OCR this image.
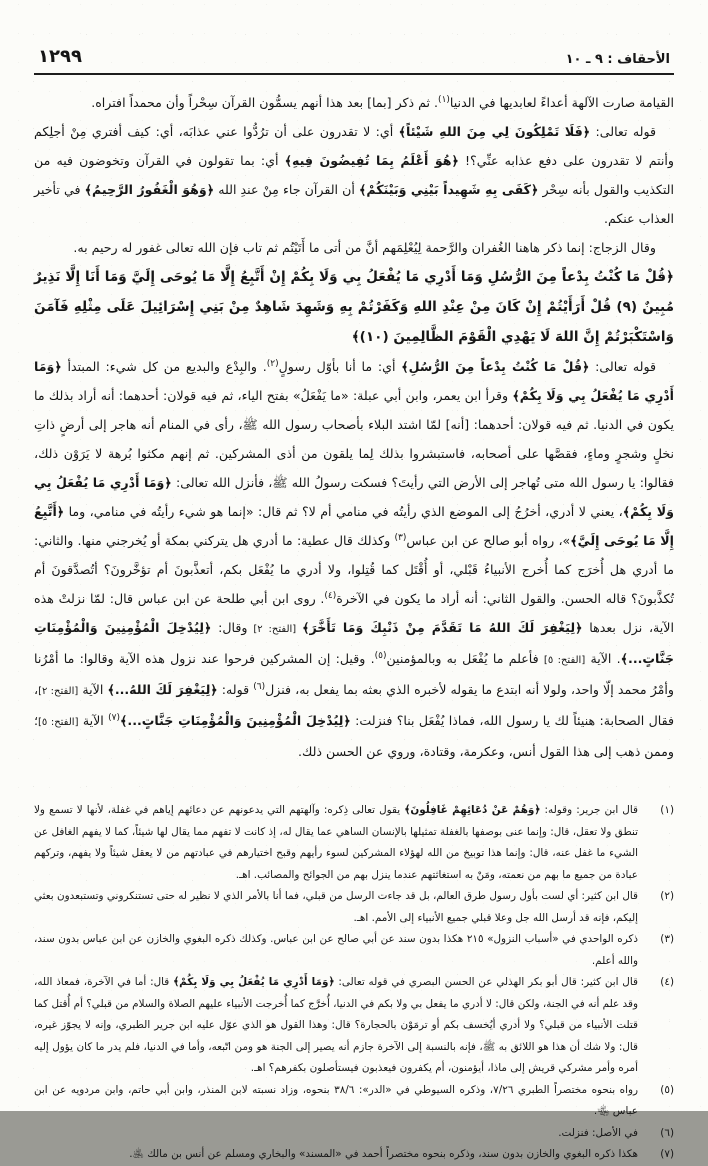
الأحقاف : ٩ ـ ١٠
١٢٩٩
القيامة صارت الآلهة أعداءً لعابديها في الدنيا$^{(١)}$. ثم ذكر [بما] بعد هذا أنهم يسمُّون القرآن سِحْراً وأن محمداً افتراه.
قوله تعالى: ﴿فَلَا تَمْلِكُونَ لِي مِنَ اللهِ شَيْئاً﴾ أي: لا تقدرون على أن ترُدُّوا عني عذابَه، أي: كيف أفتري مِنْ أجلِكم وأنتم لا تقدرون على دفع عذابه عنِّي؟! ﴿هُوَ أَعْلَمُ بِمَا تُفِيضُونَ فِيهِ﴾ أي: بما تقولون في القرآن وتخوضون فيه من التكذيب والقول بأنه سِحْر ﴿كَفَى بِهِ شَهِيداً بَيْنِي وَبَيْنَكُمْ﴾ أن القرآن جاء مِنْ عندِ الله ﴿وَهُوَ الْغَفُورُ الرَّحِيمُ﴾ في تأخير العذاب عنكم.
وقال الزجاج: إنما ذكر هاهنا الغُفران والرَّحمة لِيُعْلِمَهم أنَّ من أتى ما أَتَيْتُم ثم تاب فإن الله تعالى غفور له رحيم به.
﴿قُلْ مَا كُنْتُ بِدْعاً مِنَ الرُّسُلِ وَمَا أَدْرِي مَا يُفْعَلُ بِي وَلَا بِكُمْ إِنْ أَتَّبِعُ إِلَّا مَا يُوحَى إِلَيَّ وَمَا أَنَا إِلَّا نَذِيرٌ مُبِينٌ (٩) قُلْ أَرَأَيْتُمْ إِنْ كَانَ مِنْ عِنْدِ اللهِ وَكَفَرْتُمْ بِهِ وَشَهِدَ شَاهِدٌ مِنْ بَنِي إِسْرَائِيلَ عَلَى مِثْلِهِ فَآمَنَ وَاسْتَكْبَرْتُمْ إِنَّ اللهَ لَا يَهْدِي الْقَوْمَ الظَّالِمِينَ (١٠)﴾
قوله تعالى: ﴿قُلْ مَا كُنْتُ بِدْعاً مِنَ الرُّسُلِ﴾ أي: ما أنا بأوّل رسولٍ$^{(٢)}$. والبِدْع والبديع من كل شيء: المبتدأ ﴿وَمَا أَدْرِي مَا يُفْعَلُ بِي وَلَا بِكُمْ﴾ وقرأ ابن يعمر، وابن أبي عبلة: «ما يَفْعَلُ» بفتح الياء، ثم فيه قولان: أحدهما: أنه أراد بذلك ما يكون في الدنيا. ثم فيه قولان: أحدهما: [أنه] لمّا اشتد البلاء بأصحاب رسول الله ﷺ، رأى في المنام أنه هاجر إلى أرضٍ ذاتِ نخلٍ وشجرٍ وماءٍ، فقصَّها على أصحابه، فاستبشروا بذلك لِما يلقون من أذى المشركين. ثم إنهم مكثوا بُرهة لا يَرَوْن ذلك، فقالوا: يا رسول الله متى تُهاجر إلى الأرض التي رأيتَ؟ فسكت رسولُ الله ﷺ، فأنزل الله تعالى: ﴿وَمَا أَدْرِي مَا يُفْعَلُ بِي وَلَا بِكُمْ﴾، يعني لا أدري، أخرُجُ إلى الموضع الذي رأيتُه في منامي أم لا؟ ثم قال: «إنما هو شيء رأيتُه في منامي، وما ﴿أَتَّبِعُ إِلَّا مَا يُوحَى إِلَيَّ﴾»، رواه أبو صالح عن ابن عباس$^{(٣)}$ وكذلك قال عطية: ما أدري هل يتركني بمكة أو يُخرجني منها. والثاني: ما أدري هل أُخرَج كما أُخرج الأنبياءُ قَبْلي، أو أُقْتَل كما قُتِلوا، ولا أدري ما يُفْعَل بكم، أتعذَّبونَ أم تؤخَّرونَ؟ أتُصدَّقونَ أم تُكذَّبونَ؟ قاله الحسن. والقول الثاني: أنه أراد ما يكون في الآخرة$^{(٤)}$. روى ابن أبي طلحة عن ابن عباس قال: لمّا نزلتْ هذه الآية، نزل بعدها ﴿لِيَغْفِرَ لَكَ اللهُ مَا تَقَدَّمَ مِنْ ذَنْبِكَ وَمَا تَأَخَّرَ﴾ [الفتح: ٢] وقال: ﴿لِيُدْخِلَ الْمُؤْمِنِينَ وَالْمُؤْمِنَاتِ جَنَّاتٍ...﴾. الآية [الفتح: ٥] فأعلم ما يُفْعَل به وبالمؤمنين$^{(٥)}$. وقيل: إن المشركين فرحوا عند نزول هذه الآية وقالوا: ما أمْرُنا وأمْرُ محمد إلّا واحد، ولولا أنه ابتدع ما يقوله لأخبره الذي بعثه بما يفعل به، فنزل$^{(٦)}$ قوله: ﴿لِيَغْفِرَ لَكَ اللهُ...﴾ الآية [الفتح: ٢]، فقال الصحابة: هنيئاً لك يا رسول الله، فماذا يُفْعَل بنا؟ فنزلت: ﴿لِيُدْخِلَ الْمُؤْمِنِينَ وَالْمُؤْمِنَاتِ جَنَّاتٍ...﴾$^{(٧)}$ الآية [الفتح: ٥]؛ وممن ذهب إلى هذا القول أنس، وعكرمة، وقتادة، وروي عن الحسن ذلك.
(١)
قال ابن جرير: وقوله: ﴿وَهُمْ عَنْ دُعَائِهِمْ غَافِلُونَ﴾ يقول تعالى ذِكره: وآلهتهم التي يدعونهم عن دعائهم إياهم في غفلة، لأنها لا تسمع ولا تنطق ولا تعقل، قال: وإنما عنى بوصفها بالغفلة تمثيلها بالإنسان الساهي عما يقال له، إذ كانت لا تفهم مما يقال لها شيئاً، كما لا يفهم الغافل عن الشيء ما غفل عنه، قال: وإنما هذا توبيخ من الله لهؤلاء المشركين لسوء رأيهم وقبح اختيارهم في عبادتهم من لا يعقل شيئاً ولا يفهم، وتركهم عبادة من جميع ما بهم من نعمته، ومَنْ به استغاثتهم عندما ينزل بهم من الجوائح والمصائب. اهـ.
(٢)
قال ابن كثير: أي لست بأول رسول طرق العالم، بل قد جاءت الرسل من قبلي، فما أنا بالأمر الذي لا نظير له حتى تستنكروني وتستبعدون بعثي إليكم، فإنه قد أرسل الله جل وعلا قبلي جميع الأنبياء إلى الأمم. اهـ.
(٣)
ذكره الواحدي في «أسباب النزول» ٢١٥ هكذا بدون سند عن أبي صالح عن ابن عباس. وكذلك ذكره البغوي والخازن عن ابن عباس بدون سند، والله أعلم.
(٤)
قال ابن كثير: قال أبو بكر الهذلي عن الحسن البصري في قوله تعالى: ﴿وَمَا أَدْرِي مَا يُفْعَلُ بِي وَلَا بِكُمْ﴾ قال: أما في الآخرة، فمعاذ الله، وقد علم أنه في الجنة، ولكن قال: لا أدري ما يفعل بي ولا بكم في الدنيا، أُخرَّج كما أُخرجت الأنبياء عليهم الصلاة والسلام من قبلي؟ أم أُقتل كما قتلت الأنبياء من قبلي؟ ولا أدري أيُخسف بكم أو ترمَوْن بالحجارة؟ قال: وهذا القول هو الذي عوّل عليه ابن جرير الطبري، وإنه لا يجوّز غيره، قال: ولا شك أن هذا هو اللائق به ﷺ، فإنه بالنسبة إلى الآخرة جازم أنه يصير إلى الجنة هو ومن اتّبعه، وأما في الدنيا، فلم يدر ما كان يؤول إليه أمره وأمر مشركي قريش إلى ماذا، أيؤمنون، أم يكفرون فيعذبون فيستأصلون بكفرهم؟ اهـ.
(٥)
رواه بنحوه مختصراً الطبري ٧/٢٦، وذكره السيوطي في «الدر»: ٣٨/٦ بنحوه، وزاد نسبته لابن المنذر، وابن أبي حاتم، وابن مردويه عن ابن عباس ﵄.
(٦)
في الأصل: فنزلت.
(٧)
هكذا ذكره البغوي والخازن بدون سند، وذكره بنحوه مختصراً أحمد في «المسند» والبخاري ومسلم عن أنس بن مالك ﵁.
